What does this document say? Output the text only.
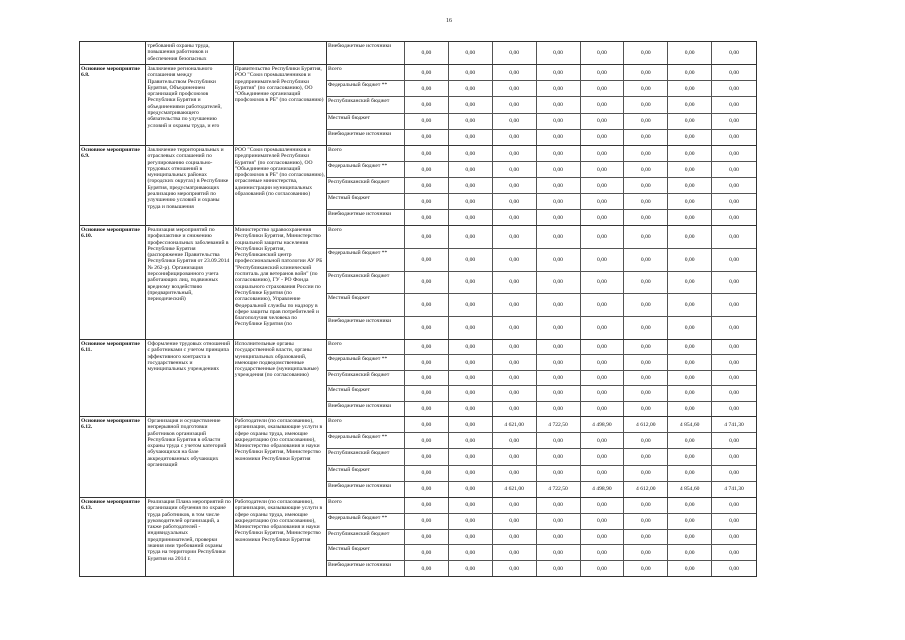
16
требований охраны труда, повышения работников и обеспечения безопасных
Внебюджетные источники
0,00	0,00	0,00	0,00	0,00	0,00	0,00	0,00
Основное мероприятие 6.8.
Заключение регионального соглашения между Правительством Республики Бурятия, Объединением организаций профсоюзов Республики Бурятия и объединениями работодателей, предусматривающего обязательства по улучшению условий и охраны труда, и его
Правительство Республики Бурятия, РОО "Союз промышленников и предпринимателей Республики Бурятия" (по согласованию), ОО "Объединение организаций профсоюзов в РБ" (по согласованию)
Всего
0,00	0,00	0,00	0,00	0,00	0,00	0,00	0,00
Федеральный бюджет **
0,00	0,00	0,00	0,00	0,00	0,00	0,00	0,00
Республиканский бюджет
0,00	0,00	0,00	0,00	0,00	0,00	0,00	0,00
Местный бюджет
0,00	0,00	0,00	0,00	0,00	0,00	0,00	0,00
Внебюджетные источники
0,00	0,00	0,00	0,00	0,00	0,00	0,00	0,00
Основное мероприятие 6.9.
Заключение территориальных и отраслевых соглашений по регулированию социально-трудовых отношений в муниципальных районах (городских округах) в Республике Бурятия, предусматривающих реализацию мероприятий по улучшению условий и охраны труда и повышения
РОО "Союз промышленников и предпринимателей Республики Бурятия" (по согласованию), ОО "Объединение организаций профсоюзов в РБ" (по согласованию), отраслевые министерства, администрации муниципальных образований (по согласованию)
Всего
0,00	0,00	0,00	0,00	0,00	0,00	0,00	0,00
Федеральный бюджет **
0,00	0,00	0,00	0,00	0,00	0,00	0,00	0,00
Республиканский бюджет
0,00	0,00	0,00	0,00	0,00	0,00	0,00	0,00
Местный бюджет
0,00	0,00	0,00	0,00	0,00	0,00	0,00	0,00
Внебюджетные источники
0,00	0,00	0,00	0,00	0,00	0,00	0,00	0,00
Основное мероприятие 6.10.
Реализация мероприятий по профилактике и снижению профессиональных заболеваний в Республике Бурятия (распоряжение Правительства Республики Бурятия от 23.09.2014 № 262-р). Организация персонифицированного учета работающих лиц, подвижных вредному воздействию (предварительный, периодический)
Министерство здравоохранения Республики Бурятия, Министерство социальной защиты населения Республики Бурятия, Республиканский центр профессиональной патологии АУ РБ "Республиканский клинический госпиталь для ветеранов войн" (по согласованию), ГУ - РО Фонда социального страхования России по Республике Бурятия (по согласованию), Управление Федеральной службы по надзору в сфере защиты прав потребителей и благополучия человека по Республике Бурятия (по
Всего
0,00	0,00	0,00	0,00	0,00	0,00	0,00	0,00
Федеральный бюджет **
0,00	0,00	0,00	0,00	0,00	0,00	0,00	0,00
Республиканский бюджет
0,00	0,00	0,00	0,00	0,00	0,00	0,00	0,00
Местный бюджет
0,00	0,00	0,00	0,00	0,00	0,00	0,00	0,00
Внебюджетные источники
0,00	0,00	0,00	0,00	0,00	0,00	0,00	0,00
Основное мероприятие 6.11.
Оформление трудовых отношений с работниками с учетом принципа эффективного контракта в государственных и муниципальных учреждениях
Исполнительные органы государственной власти, органы муниципальных образований, имеющие подведомственные государственные (муниципальные) учреждения (по согласованию)
Всего
0,00	0,00	0,00	0,00	0,00	0,00	0,00	0,00
Федеральный бюджет **
0,00	0,00	0,00	0,00	0,00	0,00	0,00	0,00
Республиканский бюджет
0,00	0,00	0,00	0,00	0,00	0,00	0,00	0,00
Местный бюджет
0,00	0,00	0,00	0,00	0,00	0,00	0,00	0,00
Внебюджетные источники
0,00	0,00	0,00	0,00	0,00	0,00	0,00	0,00
Основное мероприятие 6.12.
Организация и осуществление непрерывной подготовки работников организаций Республики Бурятия в области охраны труда с учетом категорий обучающихся на базе аккредитованных обучающих организаций
Работодатели (по согласованию), организации, оказывающие услуги в сфере охраны труда, имеющие аккредитацию (по согласованию), Министерство образования и науки Республики Бурятия, Министерство экономики Республики Бурятия
Всего
0,00	0,00	4 621,00	4 722,50	4 498,90	4 612,00	4 854,60	4 741,30
Федеральный бюджет **
0,00	0,00	0,00	0,00	0,00	0,00	0,00	0,00
Республиканский бюджет
0,00	0,00	0,00	0,00	0,00	0,00	0,00	0,00
Местный бюджет
0,00	0,00	0,00	0,00	0,00	0,00	0,00	0,00
Внебюджетные источники
0,00	0,00	4 621,00	4 722,50	4 498,90	4 612,00	4 854,60	4 741,30
Основное мероприятие 6.13.
Реализация Плана мероприятий по организации обучения по охране труда работников, в том числе руководителей организаций, а также работодателей - индивидуальных предпринимателей, проверки знания ими требований охраны труда на территории Республики Бурятия на 2014 г.
Работодатели (по согласованию), организации, оказывающие услуги в сфере охраны труда, имеющие аккредитацию (по согласованию), Министерство образования и науки Республики Бурятия, Министерство экономики Республики Бурятия
Всего
0,00	0,00	0,00	0,00	0,00	0,00	0,00	0,00
Федеральный бюджет **
0,00	0,00	0,00	0,00	0,00	0,00	0,00	0,00
Республиканский бюджет
0,00	0,00	0,00	0,00	0,00	0,00	0,00	0,00
Местный бюджет
0,00	0,00	0,00	0,00	0,00	0,00	0,00	0,00
Внебюджетные источники
0,00	0,00	0,00	0,00	0,00	0,00	0,00	0,00
